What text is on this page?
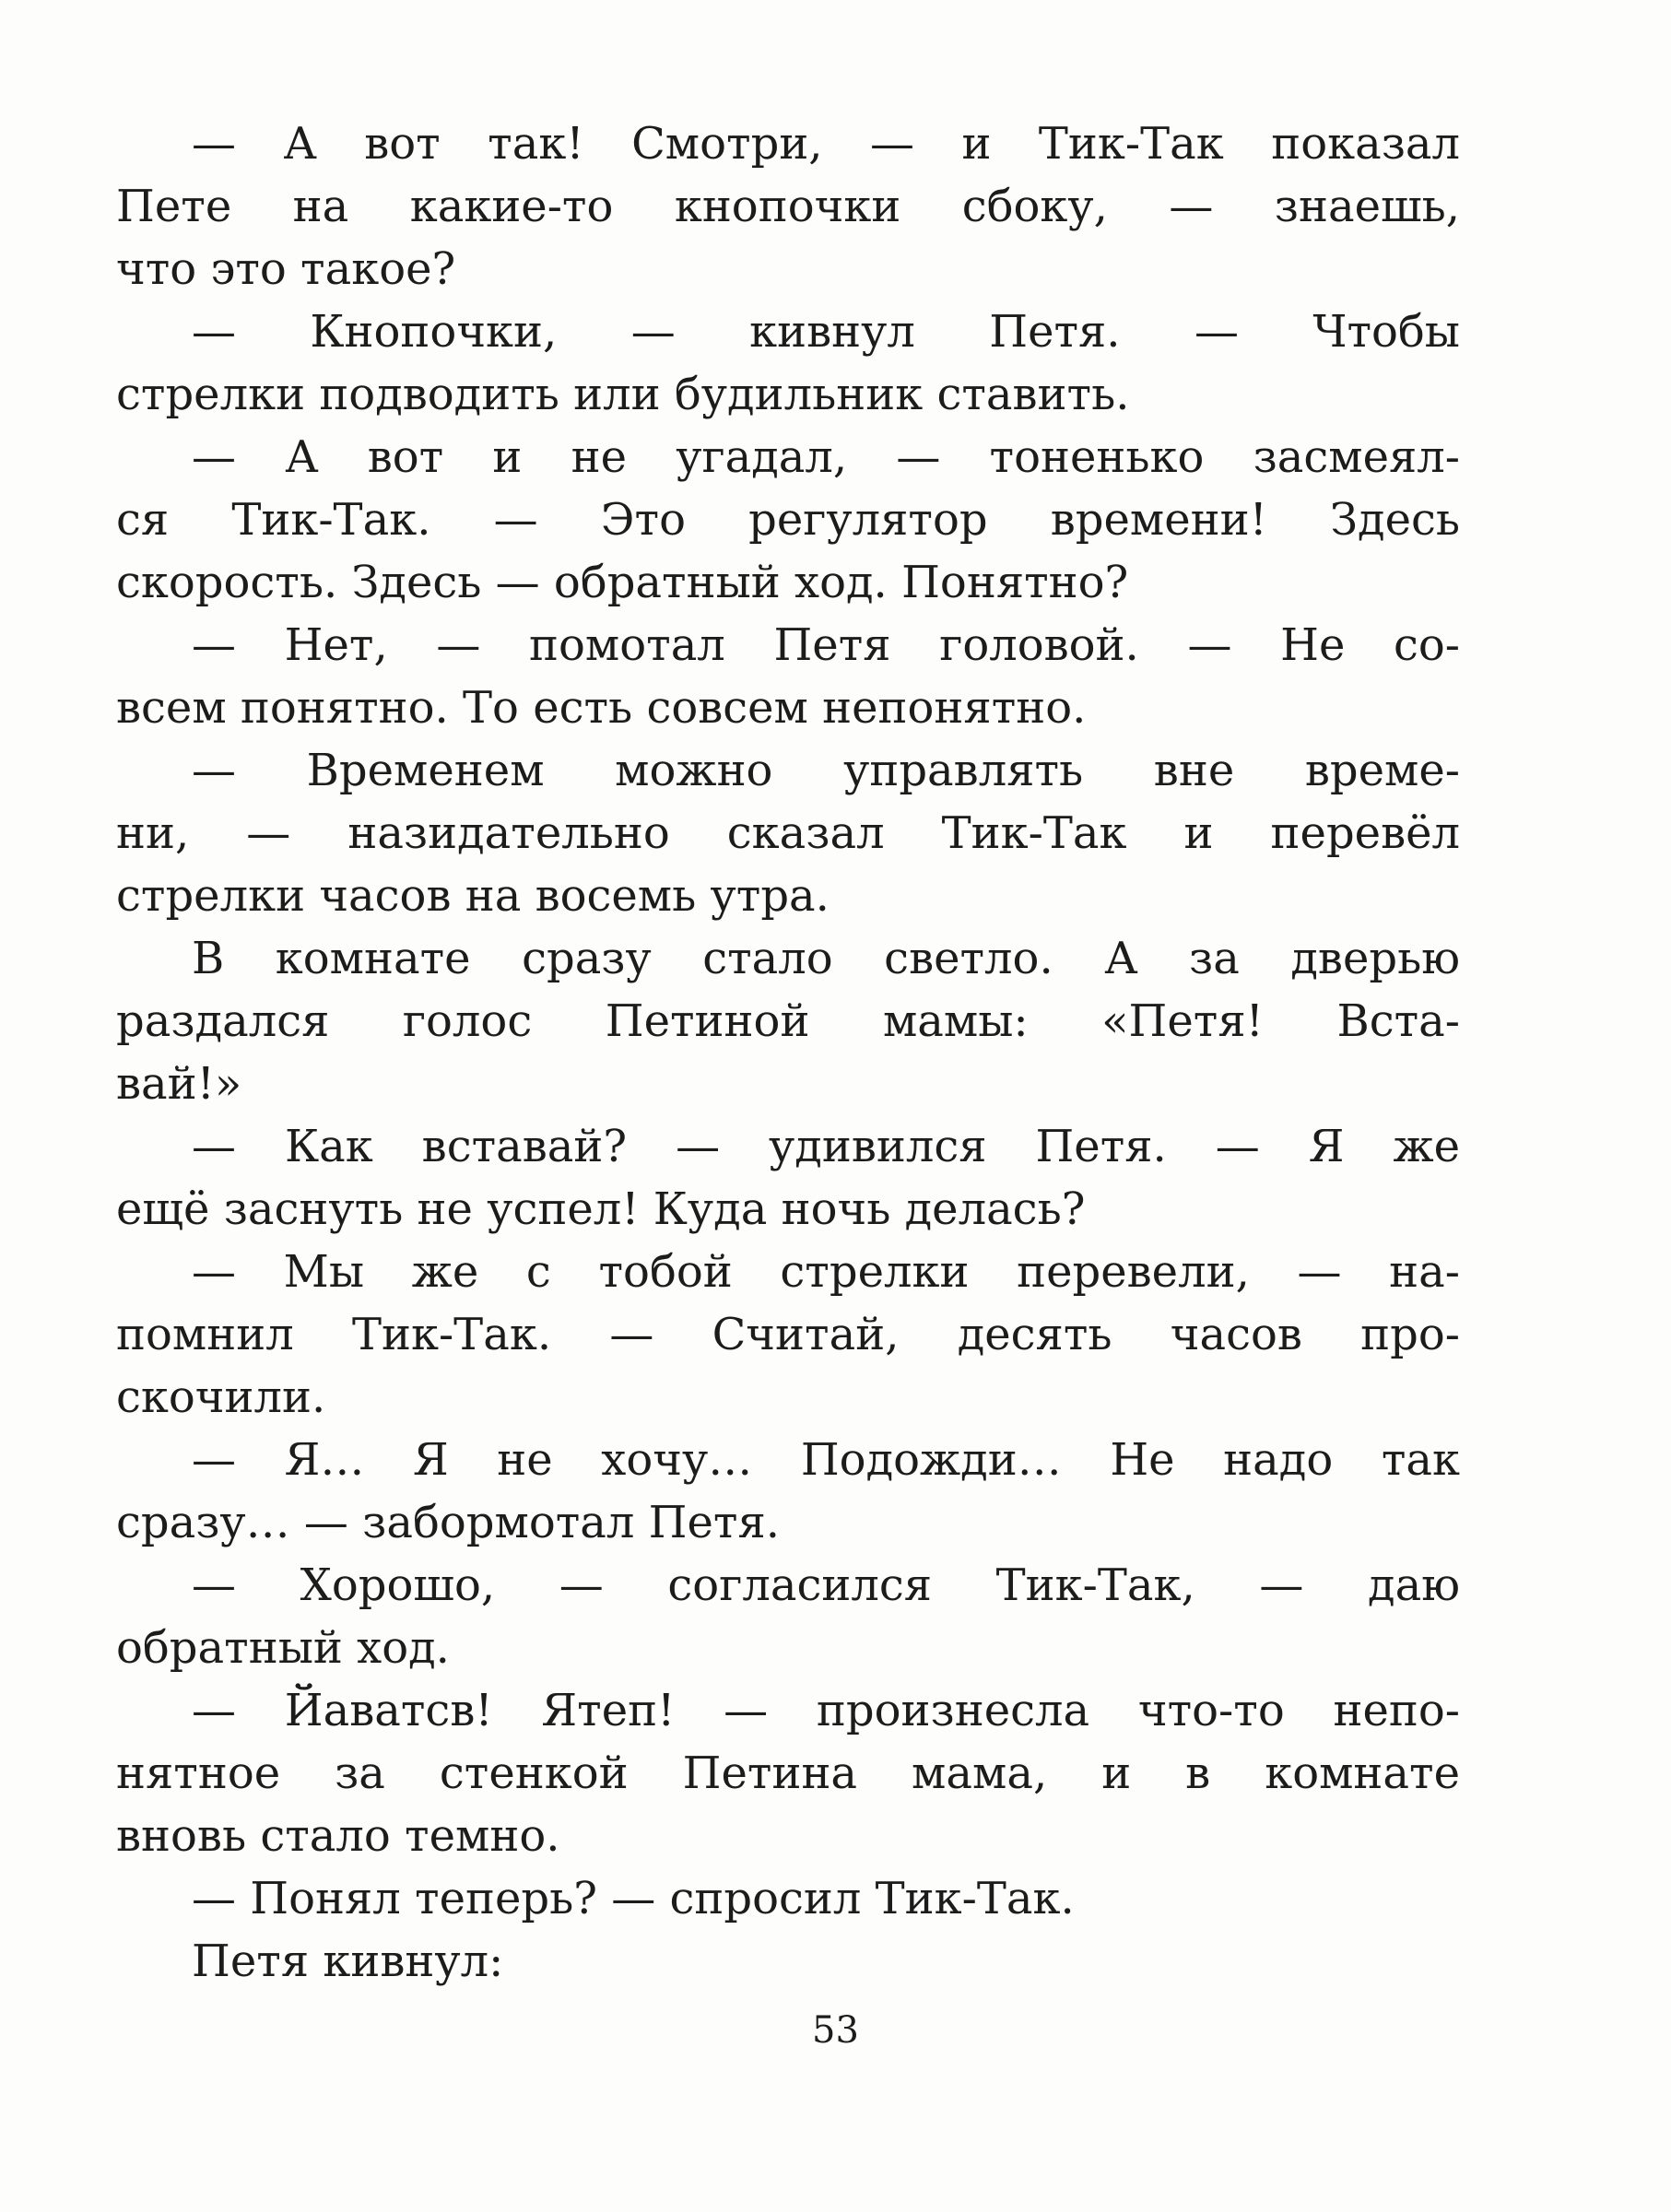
— А вот так! Смотри, — и Тик-Так показал
Пете на какие-то кнопочки сбоку, — знаешь,
что это такое?

— Кнопочки, — кивнул Петя. — Чтобы
стрелки подводить или будильник ставить.

— А вот и не угадал, — тоненько засмеял-
ся Тик-Так. — Это регулятор времени! Здесь
скорость. Здесь — обратный ход. Понятно?

— Нет, — помотал Петя головой. — Не со-
всем понятно. То есть совсем непонятно.

— Временем можно управлять вне време-
ни, — назидательно сказал Тик-Так и перевёл
стрелки часов на восемь утра.

В комнате сразу стало светло. А за дверью
раздался голос Петиной мамы: «Петя! Вста-
вай!»

— Как вставай? — удивился Петя. — Я же
ещё заснуть не успел! Куда ночь делась?

— Мы же с тобой стрелки перевели, — на-
помнил Тик-Так. — Считай, десять часов про-
скочили.

— Я… Я не хочу… Подожди… Не надо так
сразу… — забормотал Петя.

— Хорошо, — согласился Тик-Так, — даю
обратный ход.

— Йаватсв! Ятеп! — произнесла что-то непо-
нятное за стенкой Петина мама, и в комнате
вновь стало темно.

— Понял теперь? — спросил Тик-Так.

Петя кивнул:

53
